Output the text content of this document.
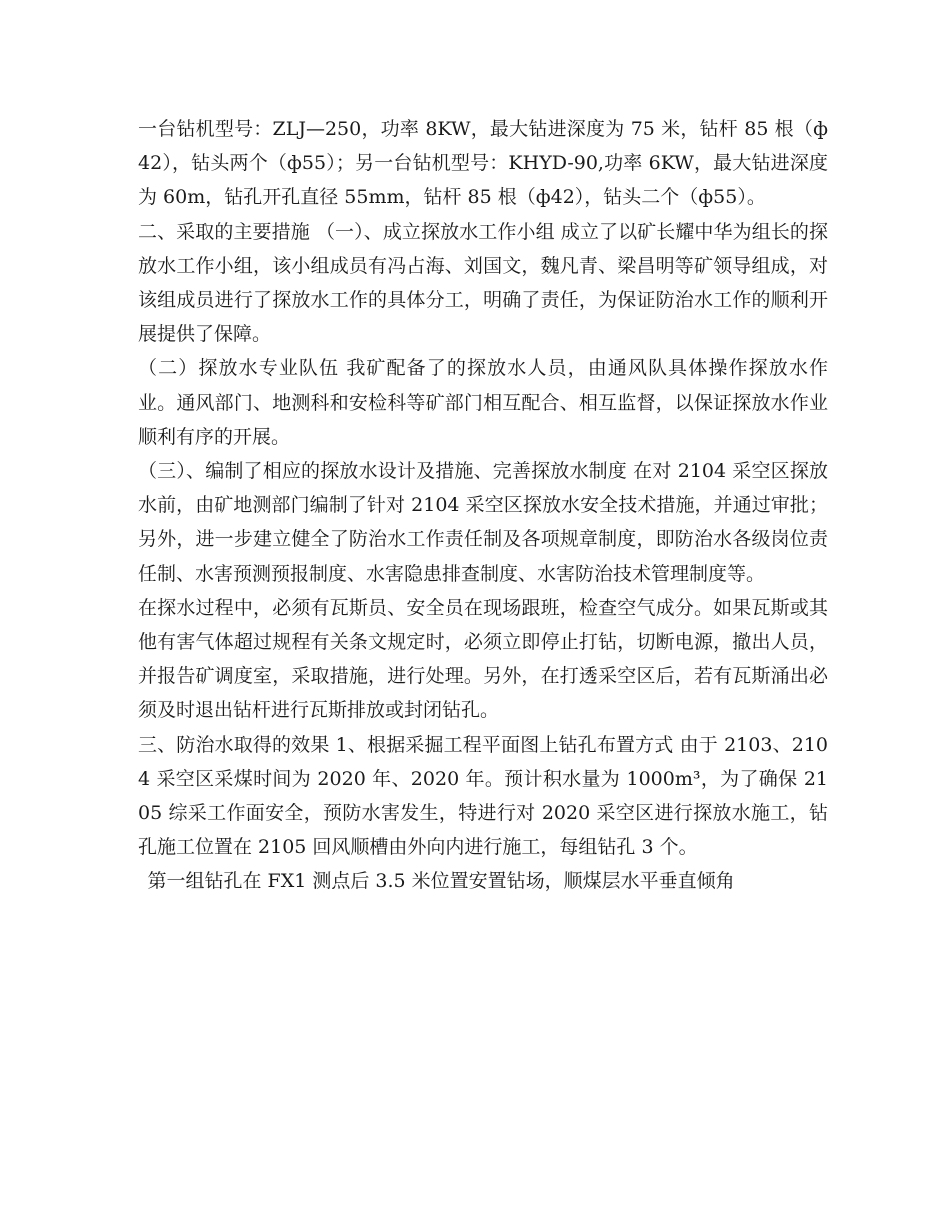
一台钻机型号：ZLJ—250，功率 8KW，最大钻进深度为 75 米，钻杆 85 根（ф42），钻头两个（ф55）；另一台钻机型号：KHYD-90,功率 6KW，最大钻进深度为 60m，钻孔开孔直径 55mm，钻杆 85 根（ф42），钻头二个（ф55）。

二、采取的主要措施 （一）、成立探放水工作小组 成立了以矿长耀中华为组长的探放水工作小组，该小组成员有冯占海、刘国文，魏凡青、梁昌明等矿领导组成，对该组成员进行了探放水工作的具体分工，明确了责任，为保证防治水工作的顺利开展提供了保障。

（二）探放水专业队伍 我矿配备了的探放水人员，由通风队具体操作探放水作业。通风部门、地测科和安检科等矿部门相互配合、相互监督，以保证探放水作业顺利有序的开展。

（三）、编制了相应的探放水设计及措施、完善探放水制度 在对 2104 采空区探放水前，由矿地测部门编制了针对 2104 采空区探放水安全技术措施，并通过审批；另外，进一步建立健全了防治水工作责任制及各项规章制度，即防治水各级岗位责任制、水害预测预报制度、水害隐患排查制度、水害防治技术管理制度等。

在探水过程中，必须有瓦斯员、安全员在现场跟班，检查空气成分。如果瓦斯或其他有害气体超过规程有关条文规定时，必须立即停止打钻，切断电源，撤出人员，并报告矿调度室，采取措施，进行处理。另外，在打透采空区后，若有瓦斯涌出必须及时退出钻杆进行瓦斯排放或封闭钻孔。

三、防治水取得的效果 1、根据采掘工程平面图上钻孔布置方式 由于 2103、2104 采空区采煤时间为 2020 年、2020 年。预计积水量为 1000m³，为了确保 2105 综采工作面安全，预防水害发生，特进行对 2020 采空区进行探放水施工，钻孔施工位置在 2105 回风顺槽由外向内进行施工，每组钻孔 3 个。

第一组钻孔在 FX1 测点后 3.5 米位置安置钻场，顺煤层水平垂直倾角
